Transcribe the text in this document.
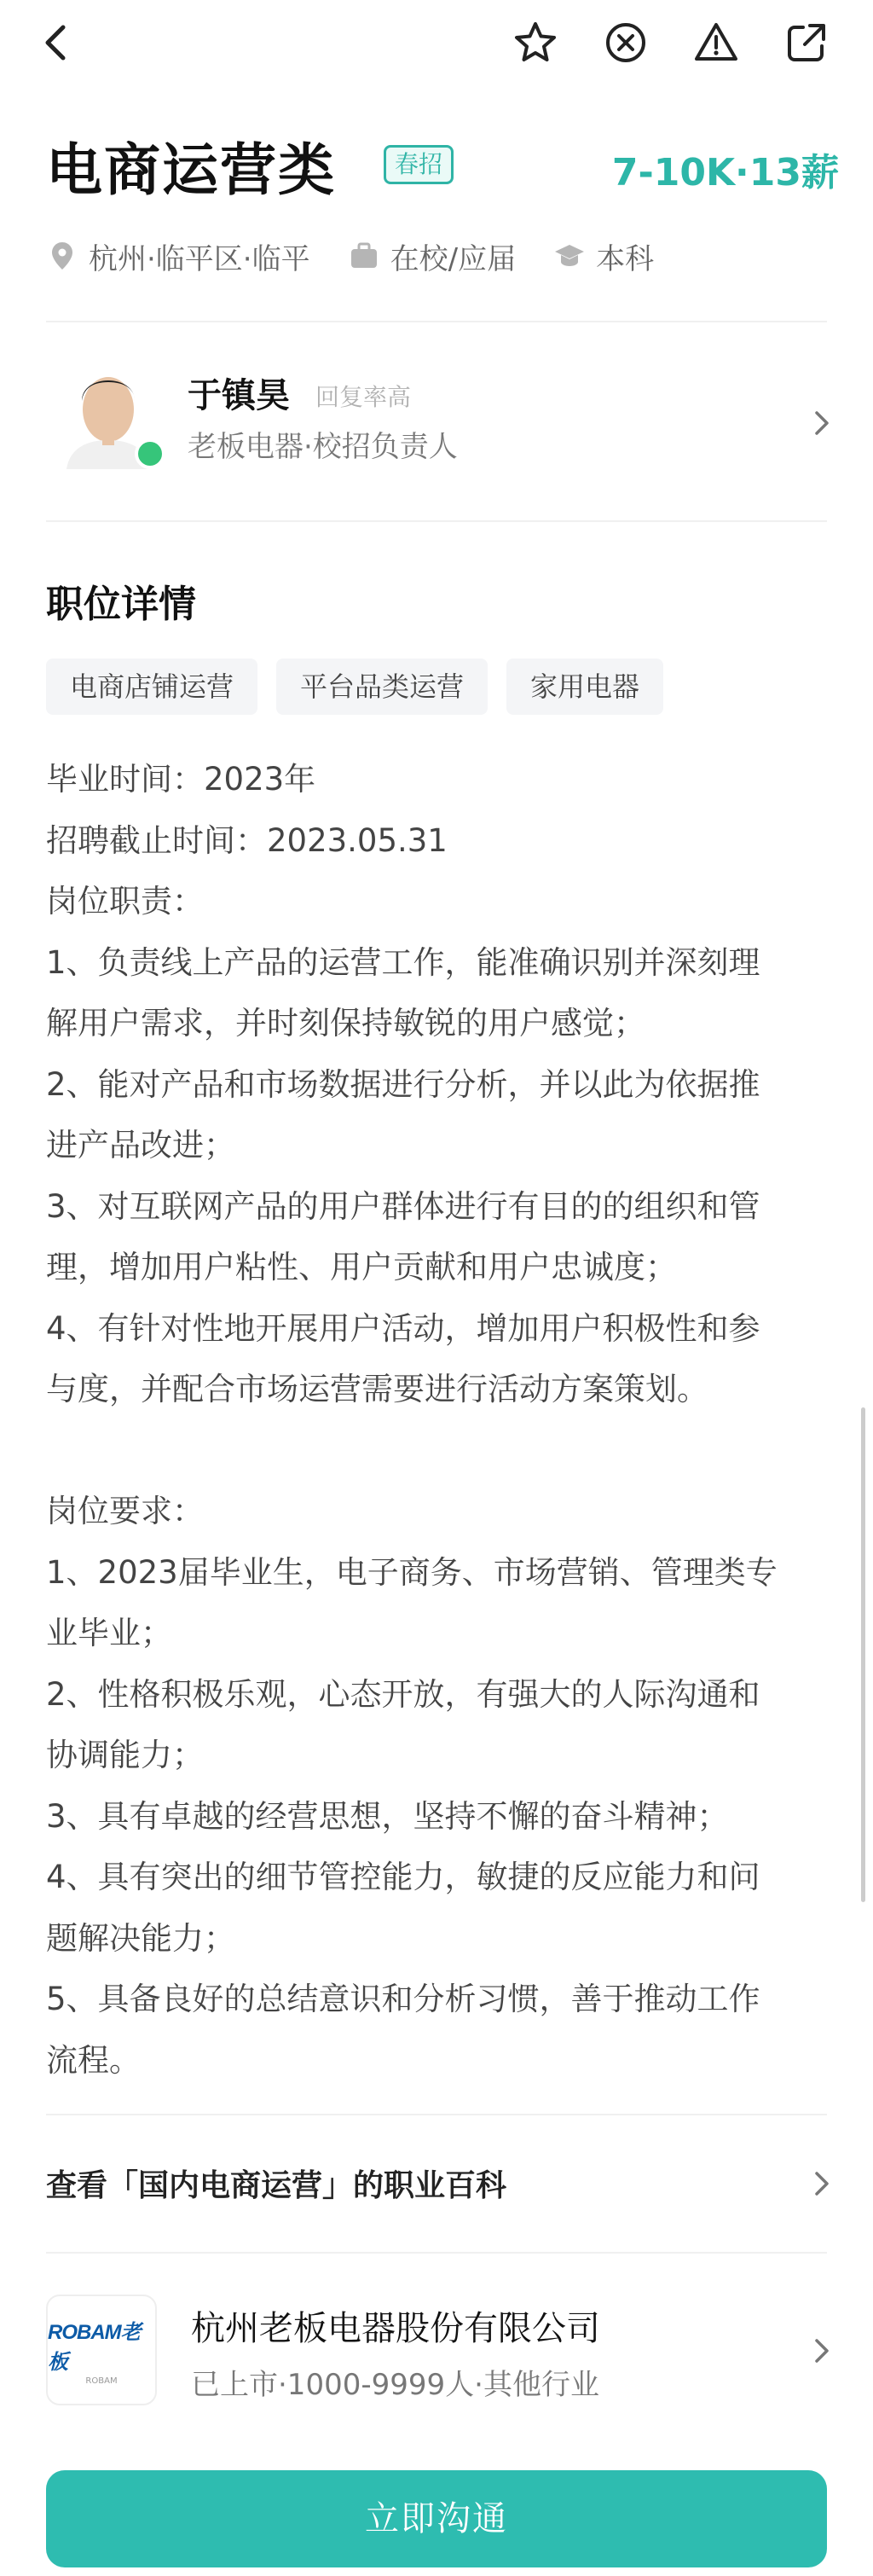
电商运营类	春招	7-10K·13薪
杭州·临平区·临平	在校/应届	本科
于镇昊 回复率高
老板电器·校招负责人
职位详情
电商店铺运营	平台品类运营	家用电器
毕业时间：2023年
招聘截止时间：2023.05.31
岗位职责：
1、负责线上产品的运营工作，能准确识别并深刻理
解用户需求，并时刻保持敏锐的用户感觉；
2、能对产品和市场数据进行分析，并以此为依据推
进产品改进；
3、对互联网产品的用户群体进行有目的的组织和管
理，增加用户粘性、用户贡献和用户忠诚度；
4、有针对性地开展用户活动，增加用户积极性和参
与度，并配合市场运营需要进行活动方案策划。
岗位要求：
1、2023届毕业生，电子商务、市场营销、管理类专
业毕业；
2、性格积极乐观，心态开放，有强大的人际沟通和
协调能力；
3、具有卓越的经营思想，坚持不懈的奋斗精神；
4、具有突出的细节管控能力，敏捷的反应能力和问
题解决能力；
5、具备良好的总结意识和分析习惯，善于推动工作
流程。
查看「国内电商运营」的职业百科
ROBAM老板
ROBAM
杭州老板电器股份有限公司
已上市·1000-9999人·其他行业
立即沟通
